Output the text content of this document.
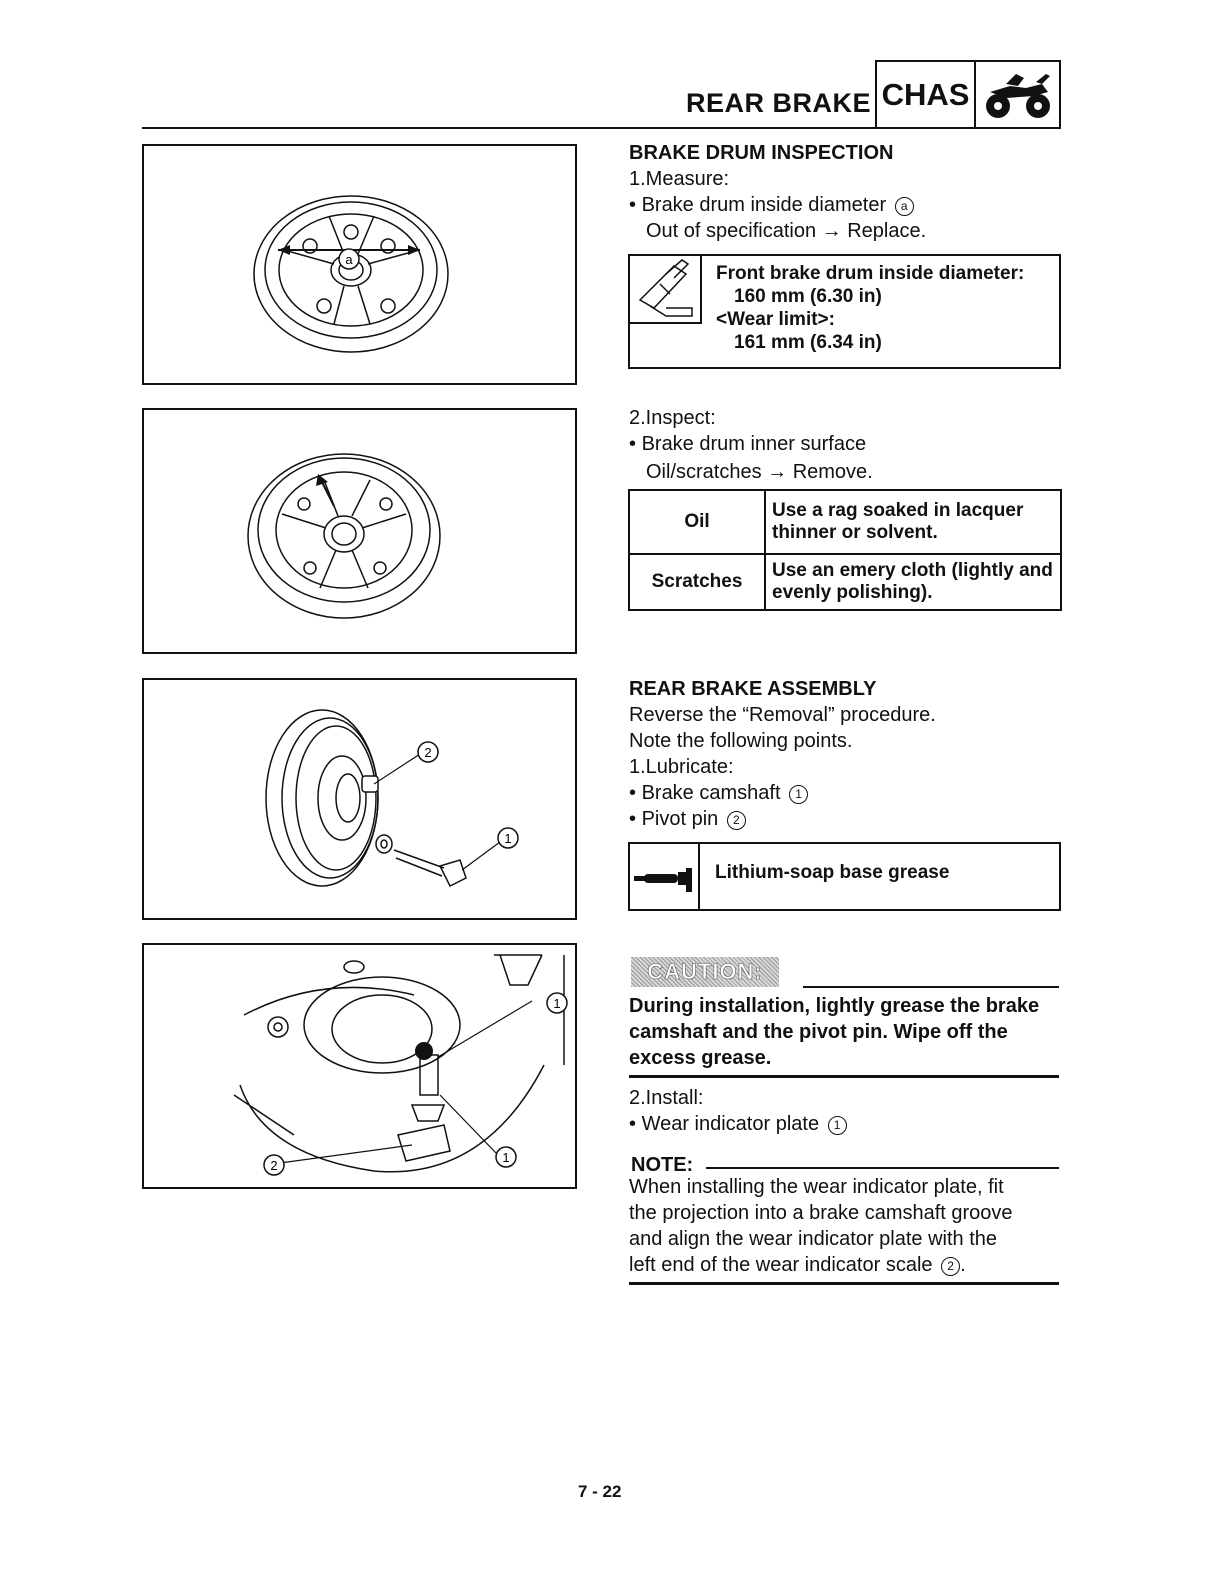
REAR BRAKE CHAS
a
2
1
1
1
2
BRAKE DRUM INSPECTION
1.Measure:
• Brake drum inside diameter a
Out of specification → Replace.
Front brake drum inside diameter:
160 mm (6.30 in)
<Wear limit>:
161 mm (6.34 in)
2.Inspect:
• Brake drum inner surface
Oil/scratches → Remove.
Oil	Use a rag soaked in lacquer thinner or solvent.
Scratches	Use an emery cloth (lightly and evenly polishing).
REAR BRAKE ASSEMBLY
Reverse the “Removal” procedure.
Note the following points.
1.Lubricate:
• Brake camshaft 1
• Pivot pin 2
Lithium-soap base grease
CAUTION:
During installation, lightly grease the brake
camshaft and the pivot pin. Wipe off the
excess grease.
2.Install:
• Wear indicator plate 1
NOTE:
When installing the wear indicator plate, fit
the projection into a brake camshaft groove
and align the wear indicator plate with the
left end of the wear indicator scale 2 .
7 - 22
